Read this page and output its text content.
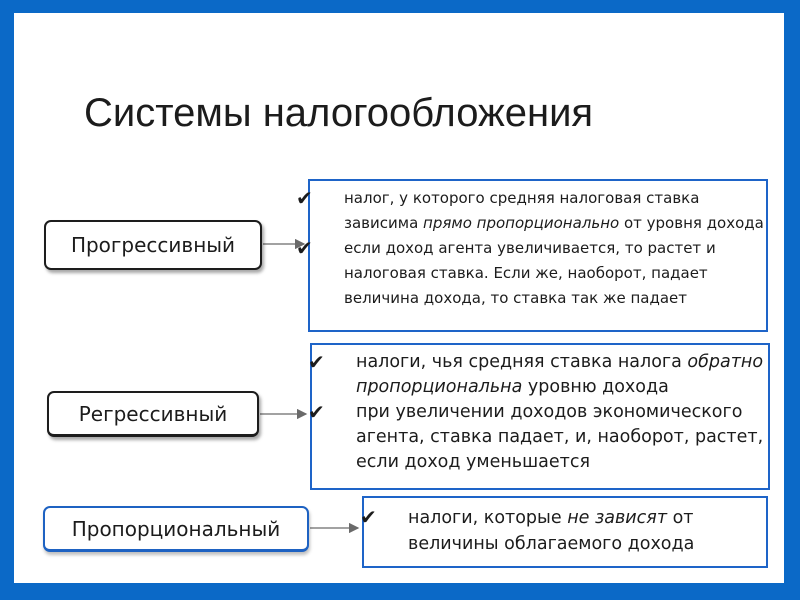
Системы налогообложения
Прогрессивный
Регрессивный
Пропорциональный
✔	налог, у которого средняя налоговая ставка зависима прямо пропорционально от уровня дохода
✔	если доход агента увеличивается, то растет и налоговая ставка. Если же, наоборот, падает величина дохода, то ставка так же падает
✔	налоги, чья средняя ставка налога обратно пропорциональна уровню дохода
✔	при увеличении доходов экономического агента, ставка падает, и, наоборот, растет, если доход уменьшается
✔	налоги, которые не зависят от величины облагаемого дохода
